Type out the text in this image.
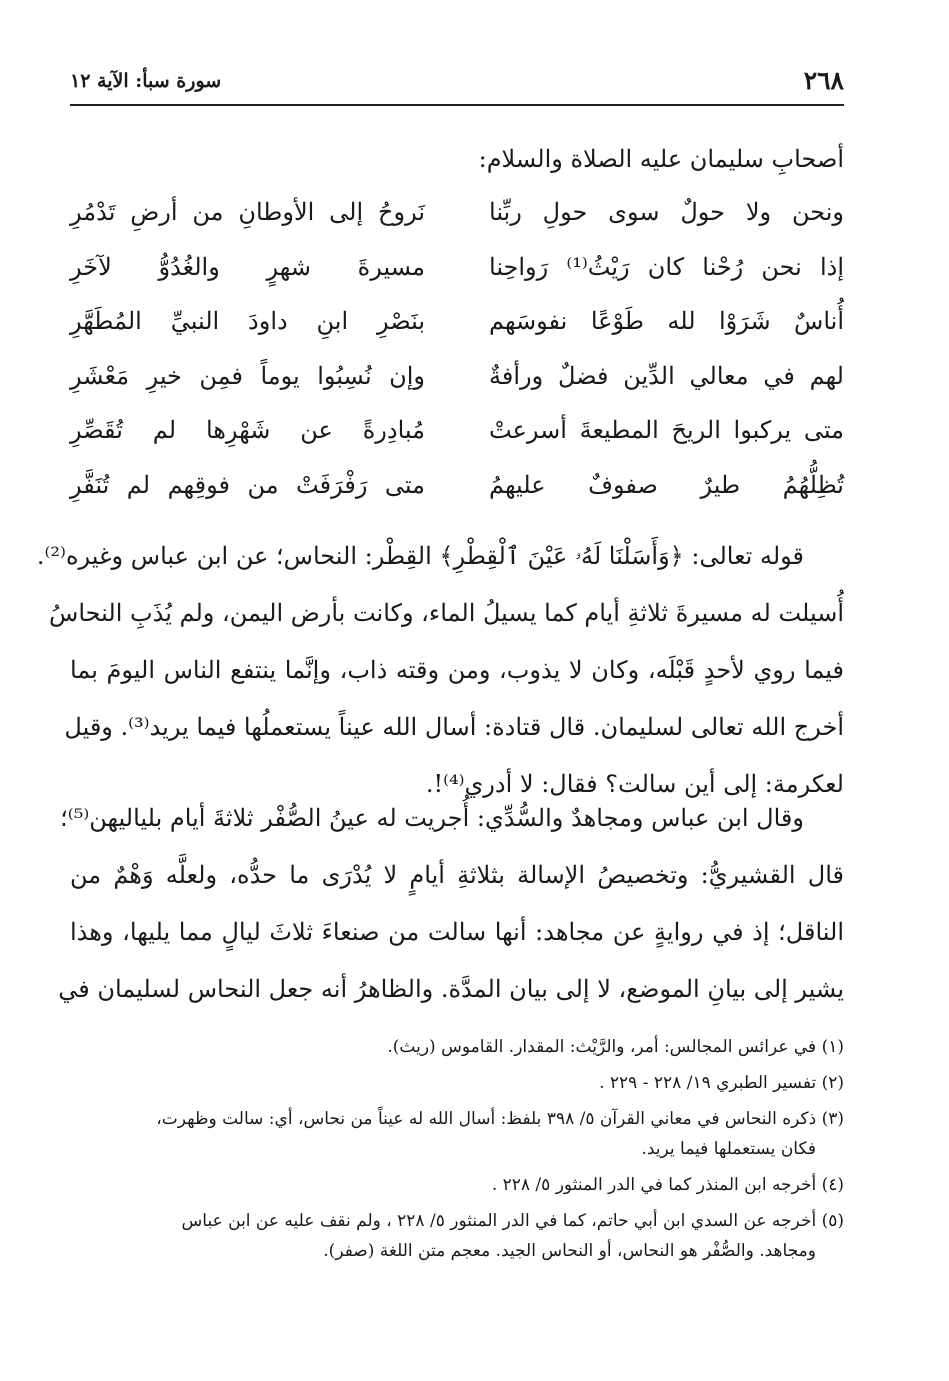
٢٦٨
سورة سبأ: الآية ١٢
أصحابِ سليمان عليه الصلاة والسلام:
ونحن ولا حولٌ سوى حولِ ربِّنا
نَروحُ إلى الأوطانِ من أرضِ تَدْمُرِ
إذا نحن رُحْنا كان رَيْثُ⁽¹⁾ رَواحِنا
مسيرةَ شهرٍ والغُدُوُّ لآخَرِ
أُناسٌ شَرَوْا لله طَوْعًا نفوسَهم
بنَصْرِ ابنِ داودَ النبيِّ المُطَهَّرِ
لهم في معالي الدِّين فضلٌ ورأفةٌ
وإن نُسِبُوا يوماً فمِن خيرِ مَعْشَرِ
متى يركبوا الريحَ المطيعةَ أسرعتْ
مُبادِرةً عن شَهْرِها لم تُقَصِّرِ
تُظِلُّهُمُ طيرٌ صفوفٌ عليهمُ
متى رَفْرَفَتْ من فوقِهم لم تُنَفَّرِ
قوله تعالى: ﴿وَأَسَلْنَا لَهُۥ عَيْنَ ٱلْقِطْرِ﴾ القِطْر: النحاس؛ عن ابن عباس وغيره⁽²⁾.
أُسيلت له مسيرةَ ثلاثةِ أيام كما يسيلُ الماء، وكانت بأرض اليمن، ولم يُذَبِ النحاسُ
فيما روي لأحدٍ قَبْلَه، وكان لا يذوب، ومن وقته ذاب، وإنَّما ينتفع الناس اليومَ بما
أخرج الله تعالى لسليمان. قال قتادة: أسال الله عيناً يستعملُها فيما يريد⁽³⁾. وقيل
لعكرمة: إلى أين سالت؟ فقال: لا أدري⁽⁴⁾!.
وقال ابن عباس ومجاهدٌ والسُّدِّي: أُجريت له عينُ الصُّفْر ثلاثةَ أيام بلياليهن⁽⁵⁾؛
قال القشيريُّ: وتخصيصُ الإسالة بثلاثةِ أيامٍ لا يُدْرَى ما حدُّه، ولعلَّه وَهْمٌ من
الناقل؛ إذ في روايةٍ عن مجاهد: أنها سالت من صنعاءَ ثلاثَ ليالٍ مما يليها، وهذا
يشير إلى بيانِ الموضع، لا إلى بيان المدَّة. والظاهرُ أنه جعل النحاس لسليمان في
(١) في عرائس المجالس: أمر، والرَّيْث: المقدار. القاموس (ريث).
(٢) تفسير الطبري ١٩/ ٢٢٨ - ٢٢٩ .
(٣) ذكره النحاس في معاني القرآن ٥/ ٣٩٨ بلفظ: أسال الله له عيناً من نحاس، أي: سالت وظهرت،
فكان يستعملها فيما يريد.
(٤) أخرجه ابن المنذر كما في الدر المنثور ٥/ ٢٢٨ .
(٥) أخرجه عن السدي ابن أبي حاتم، كما في الدر المنثور ٥/ ٢٢٨ ، ولم نقف عليه عن ابن عباس
ومجاهد. والصُّفْر هو النحاس، أو النحاس الجيد. معجم متن اللغة (صفر).
